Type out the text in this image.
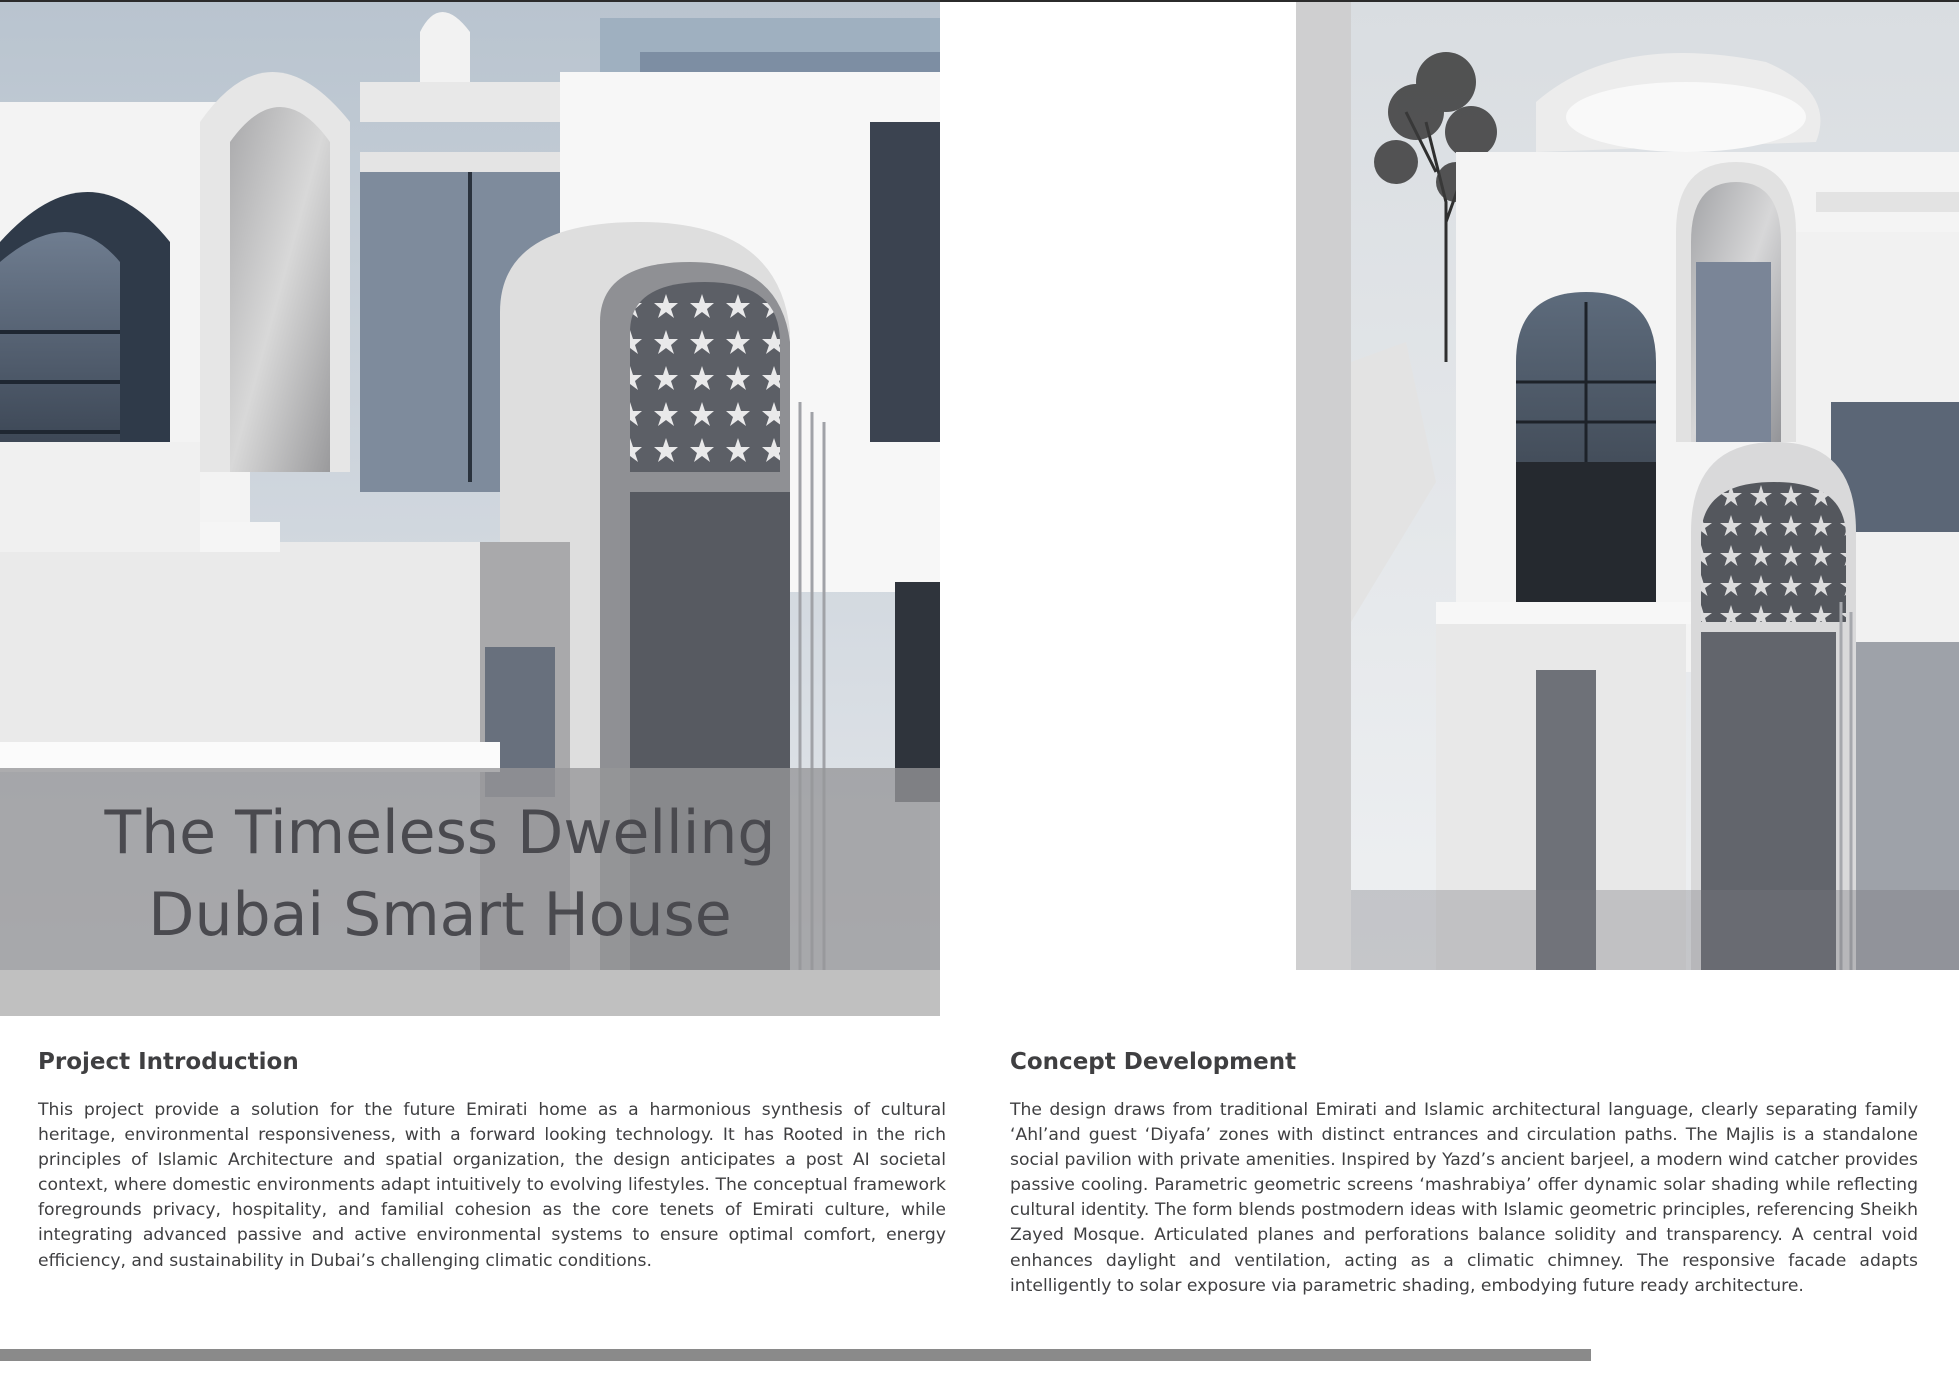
The Timeless Dwelling
Dubai Smart House
Project Introduction

This project provide a solution for the future Emirati home as a harmonious synthesis of cultural heritage, environmental responsiveness, with a forward looking technology. It has Rooted in the rich principles of Islamic Architecture and spatial organization, the design anticipates a post AI societal context, where domestic environments adapt intuitively to evolving lifestyles. The conceptual framework foregrounds privacy, hospitality, and familial cohesion as the core tenets of Emirati culture, while integrating advanced passive and active environmental systems to ensure optimal comfort, energy efficiency, and sustainability in Dubai’s challenging climatic conditions.

Concept Development

The design draws from traditional Emirati and Islamic architectural language, clearly separating family ‘Ahl’and guest ‘Diyafa’ zones with distinct entrances and circulation paths. The Majlis is a standalone social pavilion with private amenities. Inspired by Yazd’s ancient barjeel, a modern wind catcher provides passive cooling. Parametric geometric screens ‘mashrabiya’ offer dynamic solar shading while reflecting cultural identity. The form blends postmodern ideas with Islamic geometric principles, referencing Sheikh Zayed Mosque. Articulated planes and perforations balance solidity and transparency. A central void enhances daylight and ventilation, acting as a climatic chimney. The responsive facade adapts intelligently to solar exposure via parametric shading, embodying future ready architecture.
